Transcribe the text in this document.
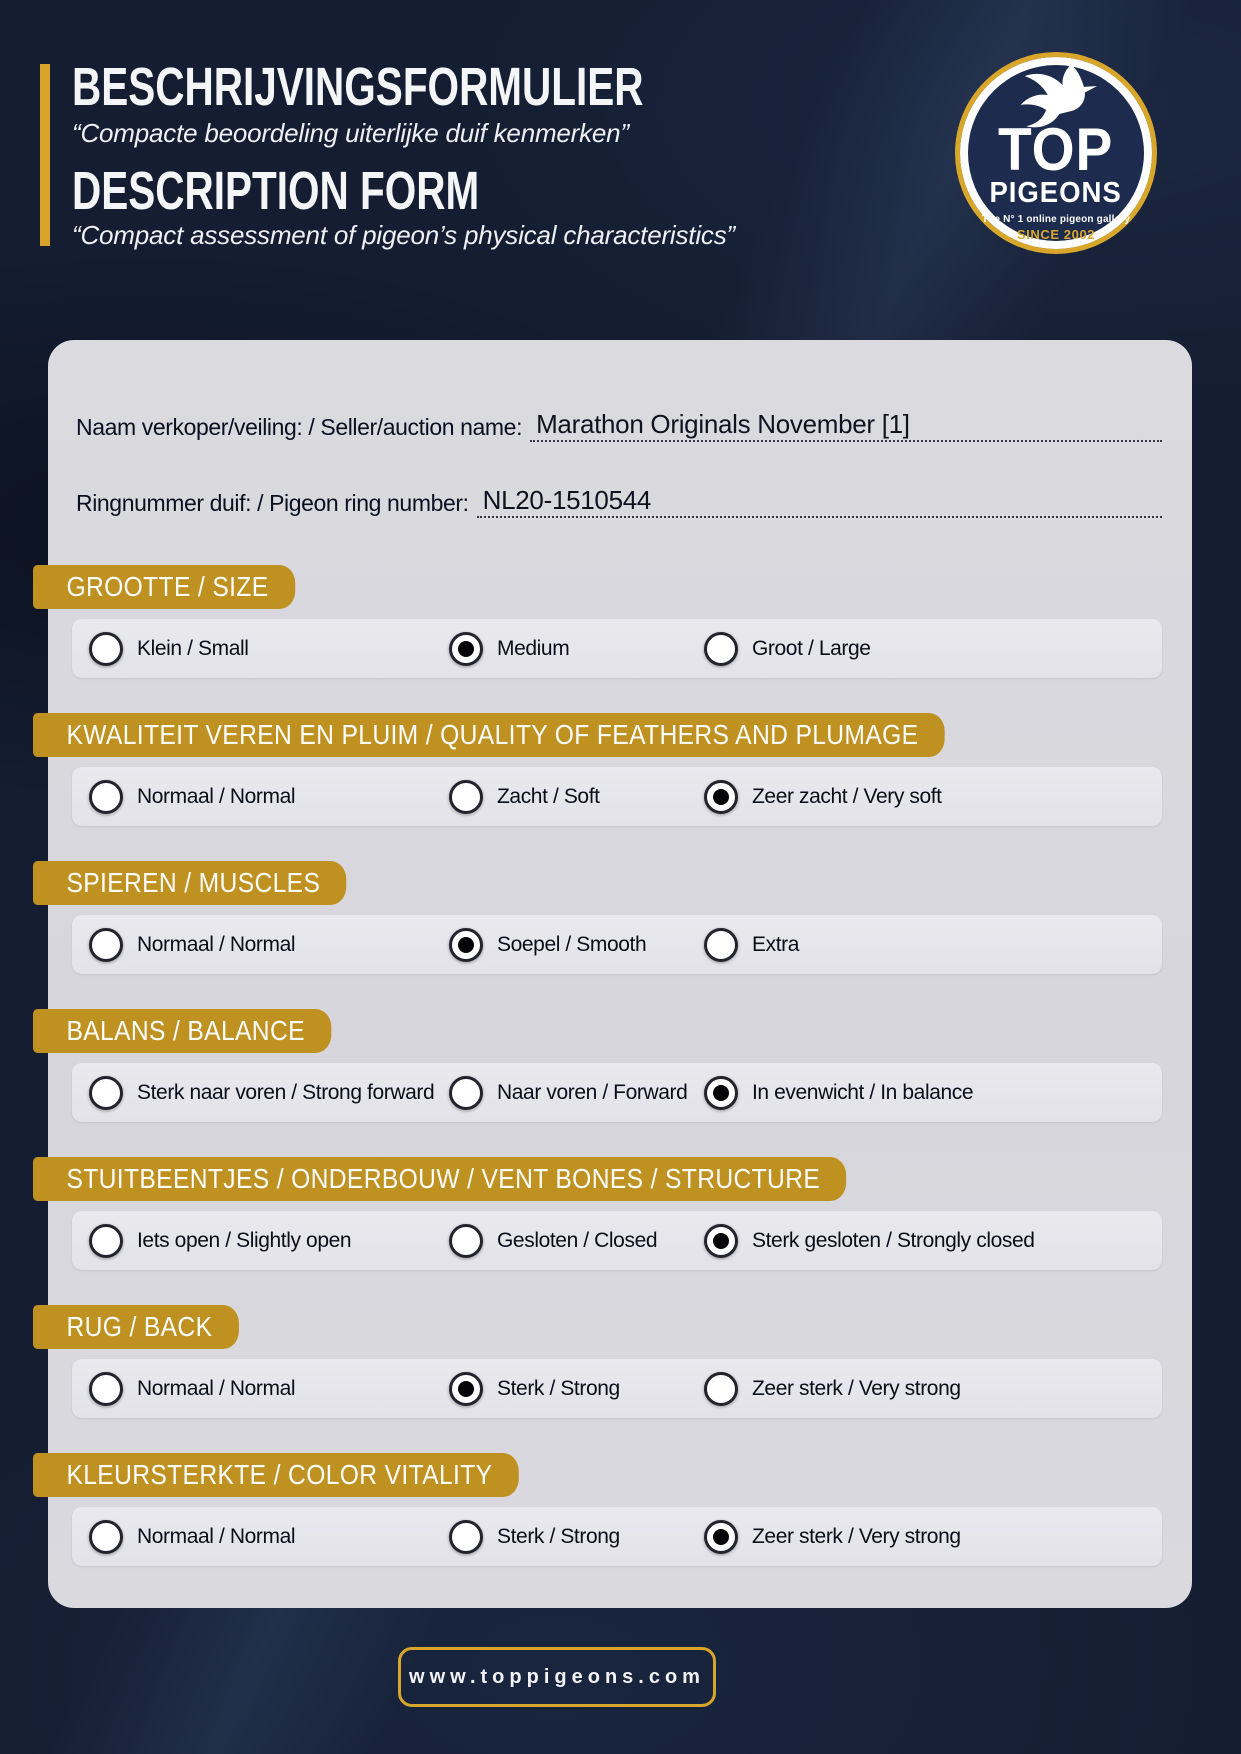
BESCHRIJVINGSFORMULIER
“Compacte beoordeling uiterlijke duif kenmerken”
DESCRIPTION FORM
“Compact assessment of pigeon’s physical characteristics”
TOP
PIGEONS
The N° 1 online pigeon gallery
SINCE 2002
Naam verkoper/veiling: / Seller/auction name: Marathon Originals November [1]
Ringnummer duif: / Pigeon ring number: NL20-1510544
GROOTTE / SIZE
Klein / Small	Medium	Groot / Large
KWALITEIT VEREN EN PLUIM / QUALITY OF FEATHERS AND PLUMAGE
Normaal / Normal	Zacht / Soft	Zeer zacht / Very soft
SPIEREN / MUSCLES
Normaal / Normal	Soepel / Smooth	Extra
BALANS / BALANCE
Sterk naar voren / Strong forward	Naar voren / Forward	In evenwicht / In balance
STUITBEENTJES / ONDERBOUW / VENT BONES / STRUCTURE
Iets open / Slightly open	Gesloten / Closed	Sterk gesloten / Strongly closed
RUG / BACK
Normaal / Normal	Sterk / Strong	Zeer sterk / Very strong
KLEURSTERKTE / COLOR VITALITY
Normaal / Normal	Sterk / Strong	Zeer sterk / Very strong
www.toppigeons.com
